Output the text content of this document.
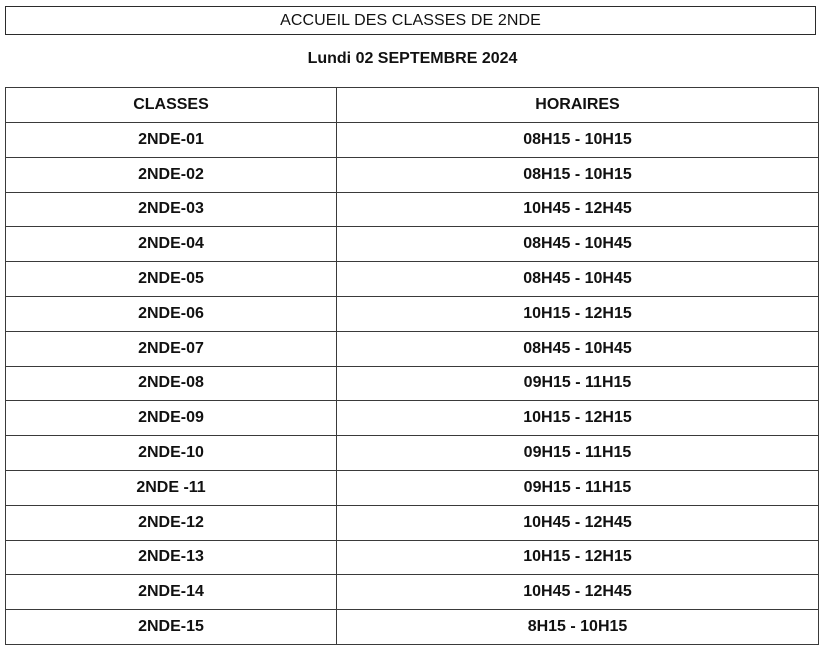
ACCUEIL DES CLASSES DE 2NDE
Lundi 02 SEPTEMBRE 2024
CLASSES	HORAIRES
2NDE-01	08H15 - 10H15
2NDE-02	08H15 - 10H15
2NDE-03	10H45 - 12H45
2NDE-04	08H45 - 10H45
2NDE-05	08H45 - 10H45
2NDE-06	10H15 - 12H15
2NDE-07	08H45 - 10H45
2NDE-08	09H15 - 11H15
2NDE-09	10H15 - 12H15
2NDE-10	09H15 - 11H15
2NDE -11	09H15 - 11H15
2NDE-12	10H45 - 12H45
2NDE-13	10H15 - 12H15
2NDE-14	10H45 - 12H45
2NDE-15	8H15 - 10H15
